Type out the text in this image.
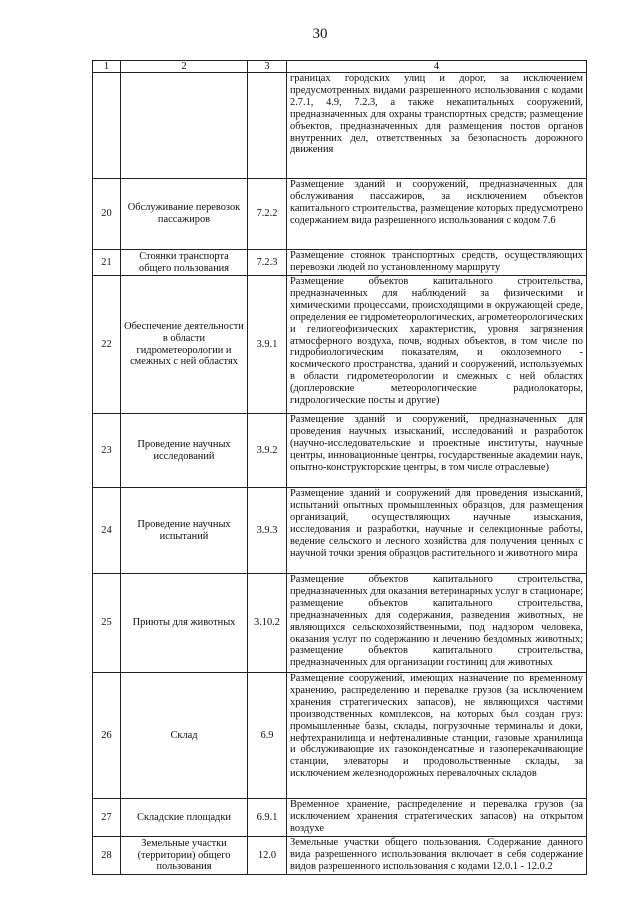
30
1	2	3	4
			границах городских улиц и дорог, за исключением предусмотренных видами разрешенного использования с кодами 2.7.1, 4.9, 7.2.3, а также некапитальных сооружений, предназначенных для охраны транспортных средств; размещение объектов, предназначенных для размещения постов органов внутренних дел, ответственных за безопасность дорожного движения
20	Обслуживание перевозок пассажиров	7.2.2	Размещение зданий и сооружений, предназначенных для обслуживания пассажиров, за исключением объектов капитального строительства, размещение которых предусмотрено содержанием вида разрешенного использования с кодом 7.6
21	Стоянки транспорта общего пользования	7.2.3	Размещение стоянок транспортных средств, осуществляющих перевозки людей по установленному маршруту
22	Обеспечение деятельности в области гидрометеорологии и смежных с ней областях	3.9.1	Размещение объектов капитального строительства, предназначенных для наблюдений за физическими и химическими процессами, происходящими в окружающей среде, определения ее гидрометеорологических, агрометеорологических и гелиогеофизических характеристик, уровня загрязнения атмосферного воздуха, почв, водных объектов, в том числе по гидробиологическим показателям, и околоземного - космического пространства, зданий и сооружений, используемых в области гидрометеорологии и смежных с ней областях (доплеровские метеорологические радиолокаторы, гидрологические посты и другие)
23	Проведение научных исследований	3.9.2	Размещение зданий и сооружений, предназначенных для проведения научных изысканий, исследований и разработок (научно-исследовательские и проектные институты, научные центры, инновационные центры, государственные академии наук, опытно-конструкторские центры, в том числе отраслевые)
24	Проведение научных испытаний	3.9.3	Размещение зданий и сооружений для проведения изысканий, испытаний опытных промышленных образцов, для размещения организаций, осуществляющих научные изыскания, исследования и разработки, научные и селекционные работы, ведение сельского и лесного хозяйства для получения ценных с научной точки зрения образцов растительного и животного мира
25	Приюты для животных	3.10.2	Размещение объектов капитального строительства, предназначенных для оказания ветеринарных услуг в стационаре; размещение объектов капитального строительства, предназначенных для содержания, разведения животных, не являющихся сельскохозяйственными, под надзором человека, оказания услуг по содержанию и лечению бездомных животных; размещение объектов капитального строительства, предназначенных для организации гостиниц для животных
26	Склад	6.9	Размещение сооружений, имеющих назначение по временному хранению, распределению и перевалке грузов (за исключением хранения стратегических запасов), не являющихся частями производственных комплексов, на которых был создан груз: промышленные базы, склады, погрузочные терминалы и доки, нефтехранилища и нефтеналивные станции, газовые хранилища и обслуживающие их газоконденсатные и газоперекачивающие станции, элеваторы и продовольственные склады, за исключением железнодорожных перевалочных складов
27	Складские площадки	6.9.1	Временное хранение, распределение и перевалка грузов (за исключением хранения стратегических запасов) на открытом воздухе
28	Земельные участки (территории) общего пользования	12.0	Земельные участки общего пользования. Содержание данного вида разрешенного использования включает в себя содержание видов разрешенного использования с кодами 12.0.1 - 12.0.2
